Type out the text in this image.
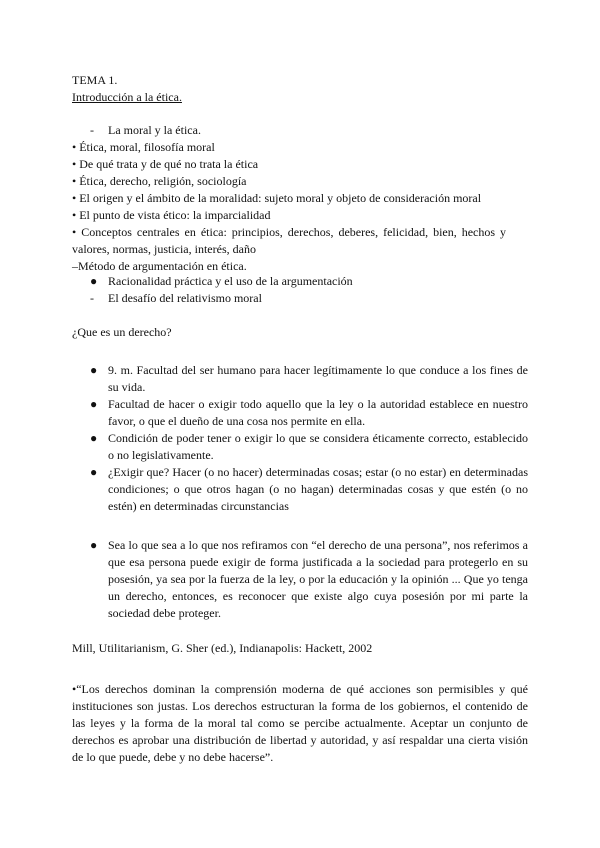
TEMA 1.
Introducción a la ética.
- La moral y la ética.
• Ética, moral, filosofía moral
• De qué trata y de qué no trata la ética
• Ética, derecho, religión, sociología
• El origen y el ámbito de la moralidad: sujeto moral y objeto de consideración moral
• El punto de vista ético: la imparcialidad
• Conceptos centrales en ética: principios, derechos, deberes, felicidad, bien, hechos y
valores, normas, justicia, interés, daño
–Método de argumentación en ética.
● Racionalidad práctica y el uso de la argumentación
- El desafío del relativismo moral
¿Que es un derecho?
● 9. m. Facultad del ser humano para hacer legítimamente lo que conduce a los fines de su vida.
● Facultad de hacer o exigir todo aquello que la ley o la autoridad establece en nuestro favor, o que el dueño de una cosa nos permite en ella.
● Condición de poder tener o exigir lo que se considera éticamente correcto, establecido o no legislativamente.
● ¿Exigir que? Hacer (o no hacer) determinadas cosas; estar (o no estar) en determinadas condiciones; o que otros hagan (o no hagan) determinadas cosas y que estén (o no estén) en determinadas circunstancias
● Sea lo que sea a lo que nos refiramos con “el derecho de una persona”, nos referimos a que esa persona puede exigir de forma justificada a la sociedad para protegerlo en su posesión, ya sea por la fuerza de la ley, o por la educación y la opinión ... Que yo tenga un derecho, entonces, es reconocer que existe algo cuya posesión por mi parte la sociedad debe proteger.
Mill, Utilitarianism, G. Sher (ed.), Indianapolis: Hackett, 2002
•“Los derechos dominan la comprensión moderna de qué acciones son permisibles y qué instituciones son justas. Los derechos estructuran la forma de los gobiernos, el contenido de las leyes y la forma de la moral tal como se percibe actualmente. Aceptar un conjunto de derechos es aprobar una distribución de libertad y autoridad, y así respaldar una cierta visión de lo que puede, debe y no debe hacerse”.
